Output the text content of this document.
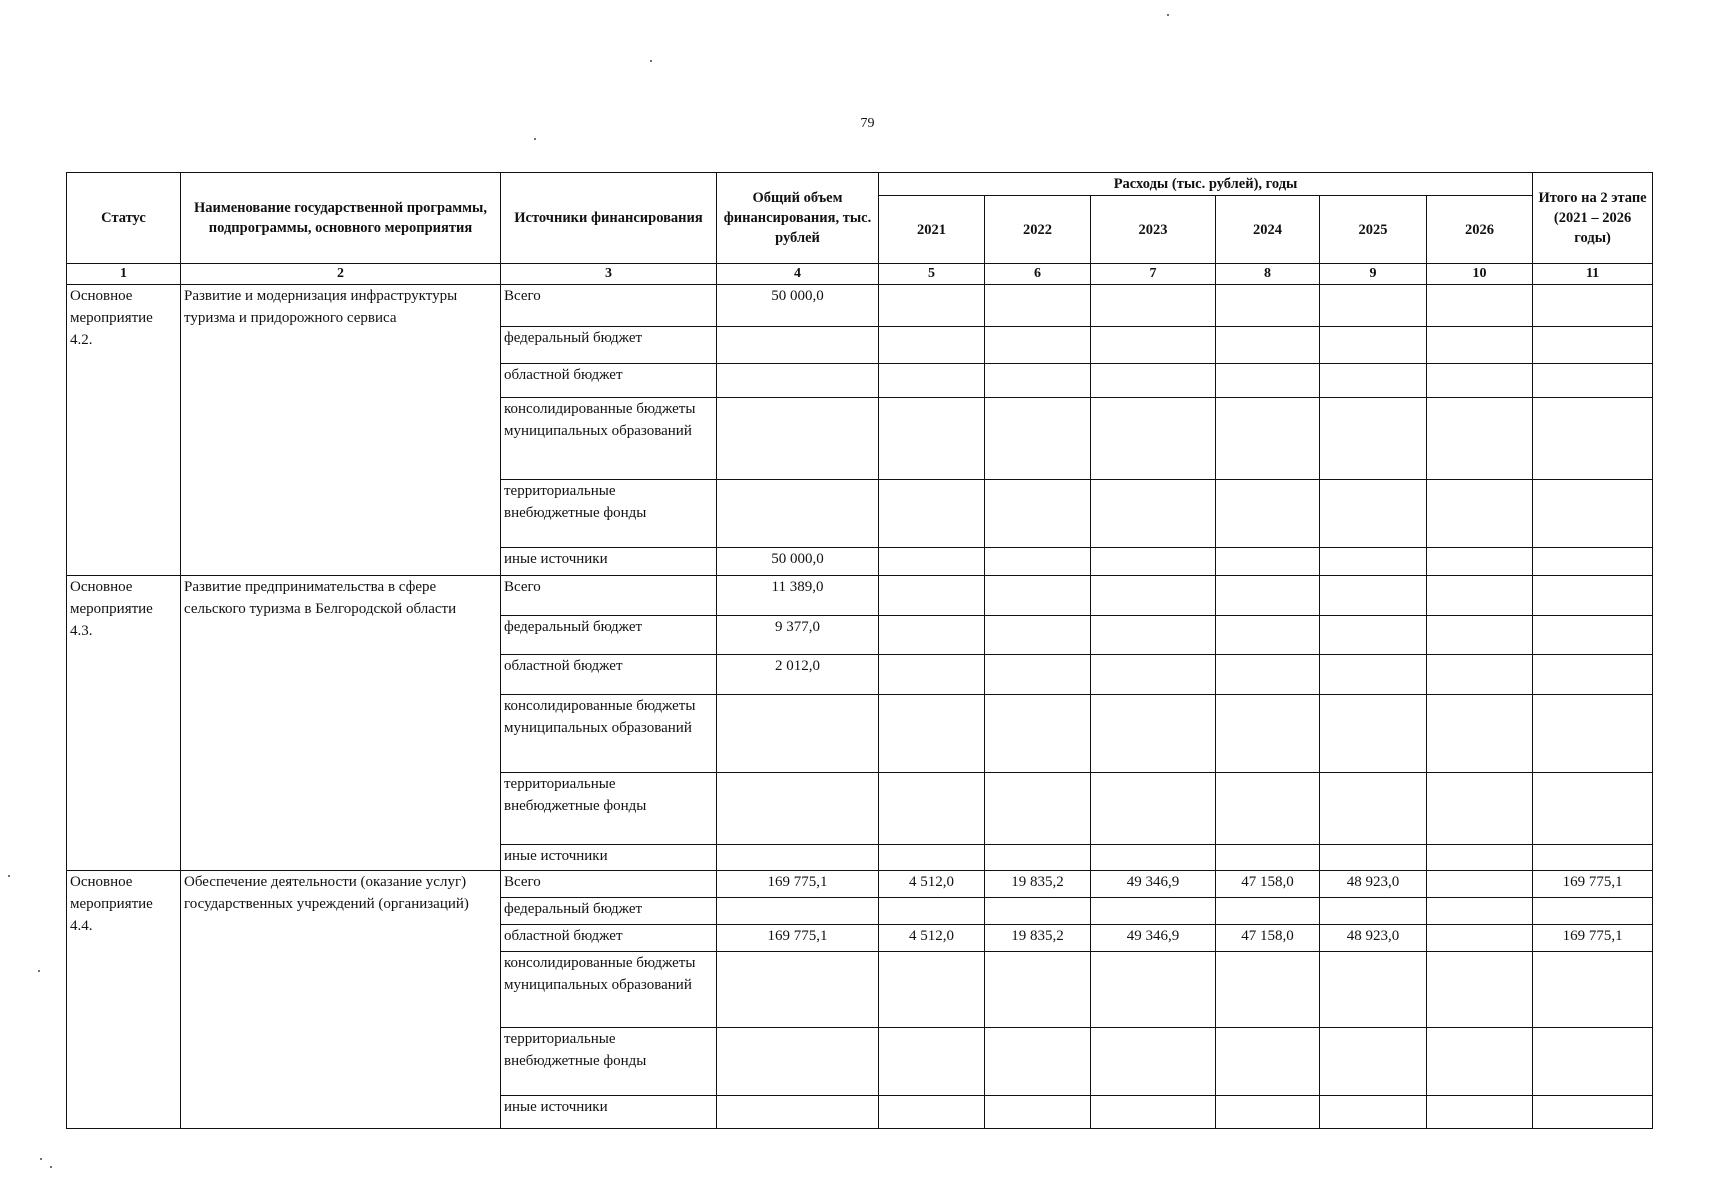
79
Статус	Наименование государственной программы, подпрограммы, основного мероприятия	Источники финансирования	Общий объем финансирования, тыс. рублей	Расходы (тыс. рублей), годы						Итого на 2 этапе (2021 – 2026 годы)
				2021	2022	2023	2024	2025	2026	
1	2	3	4	5	6	7	8	9	10	11
Основное мероприятие 4.2.	Развитие и модернизация инфраструктуры туризма и придорожного сервиса	Всего	50 000,0							
		федеральный бюджет								
		областной бюджет								
		консолидированные бюджеты муниципальных образований								
		территориальные внебюджетные фонды								
		иные источники	50 000,0							
Основное мероприятие 4.3.	Развитие предпринимательства в сфере сельского туризма в Белгородской области	Всего	11 389,0							
		федеральный бюджет	9 377,0							
		областной бюджет	2 012,0							
		консолидированные бюджеты муниципальных образований								
		территориальные внебюджетные фонды								
		иные источники								
Основное мероприятие 4.4.	Обеспечение деятельности (оказание услуг) государственных учреждений (организаций)	Всего	169 775,1	4 512,0	19 835,2	49 346,9	47 158,0	48 923,0		169 775,1
		федеральный бюджет								
		областной бюджет	169 775,1	4 512,0	19 835,2	49 346,9	47 158,0	48 923,0		169 775,1
		консолидированные бюджеты муниципальных образований								
		территориальные внебюджетные фонды								
		иные источники								
